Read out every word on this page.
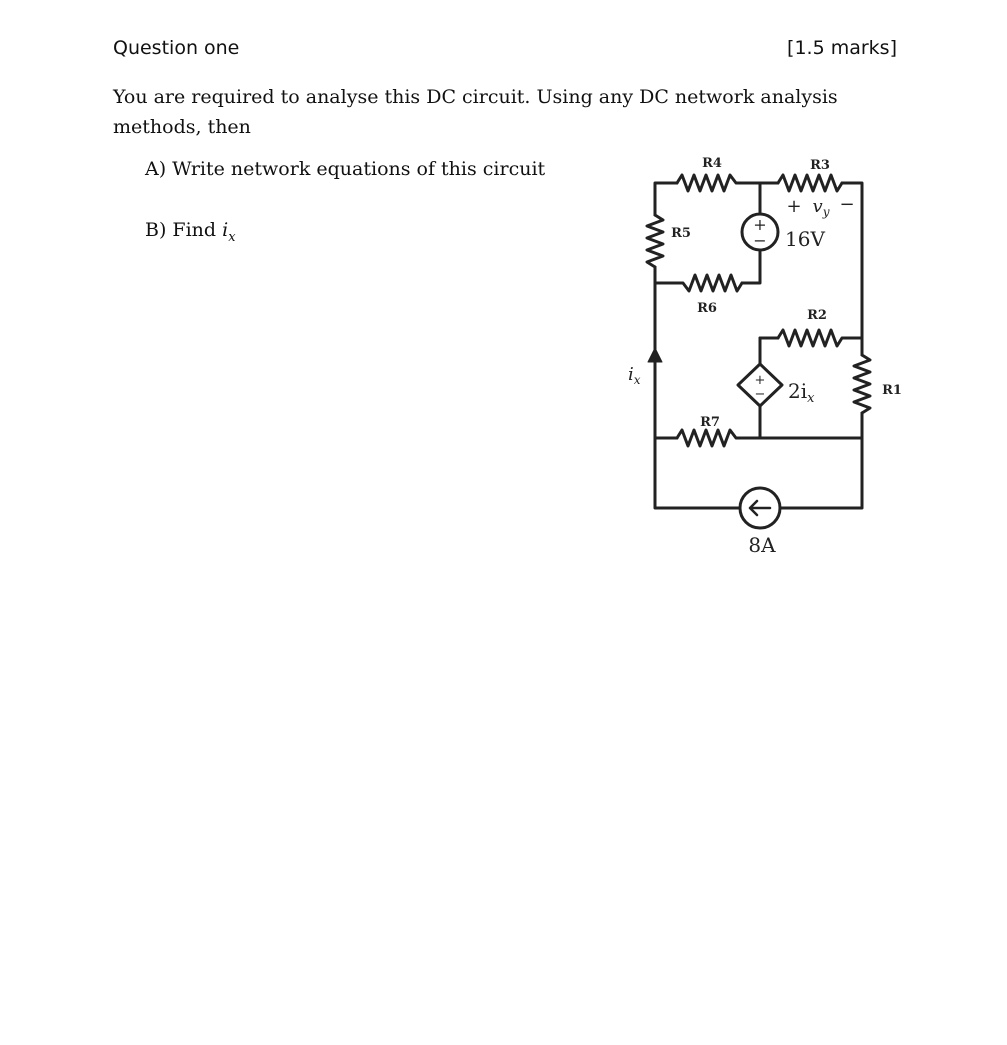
Question one	[1.5 marks]
You are required to analyse this DC circuit. Using any DC network analysis methods, then
A) Write network equations of this circuit
B) Find $i_x$
+
−
+
−
R4	R3
R5
R6	R2
R1
R7
+ $v_y$ −
16V
$2i_x$
8A
$i_x$
